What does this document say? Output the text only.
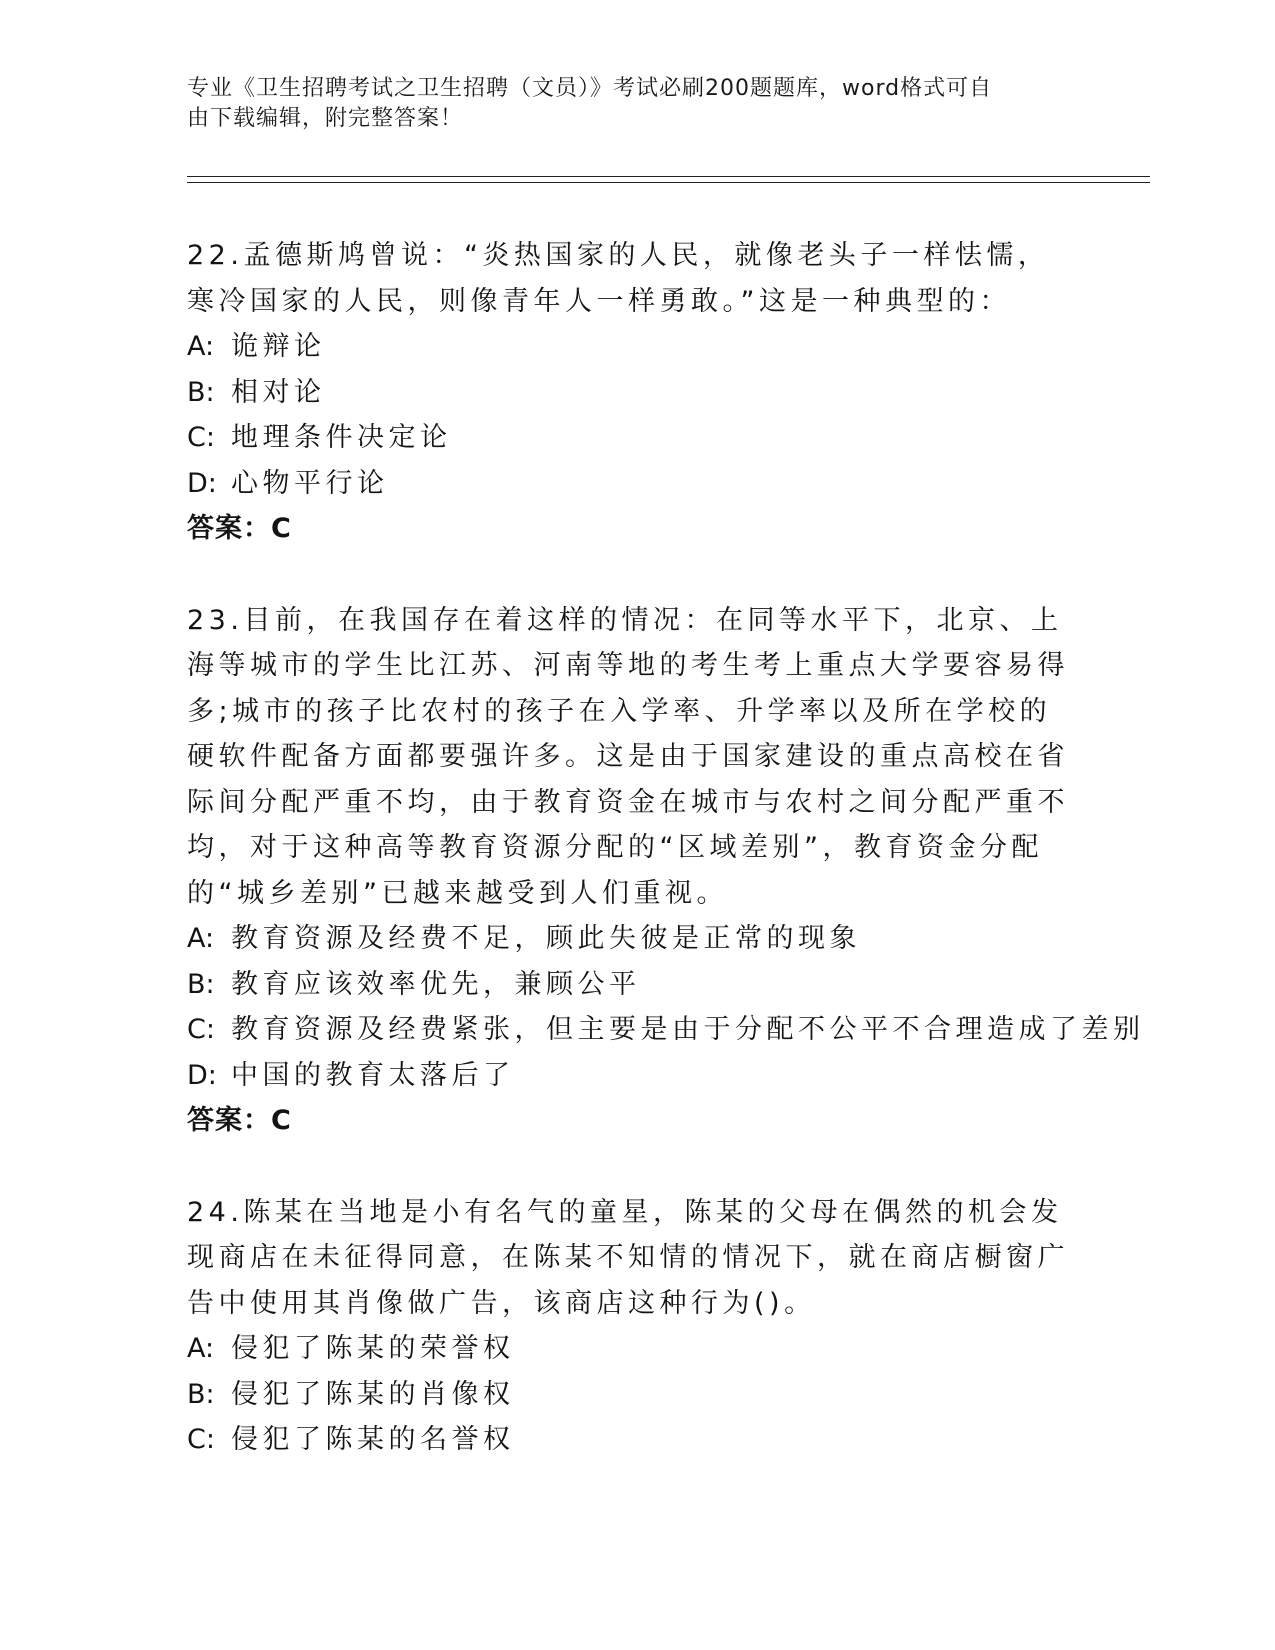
专业《卫生招聘考试之卫生招聘（文员）》考试必刷200题题库，word格式可自
由下载编辑，附完整答案！

22.孟德斯鸠曾说：“炎热国家的人民，就像老头子一样怯懦，寒冷国家的人民，则像青年人一样勇敢。”这是一种典型的：

A: 诡辩论

B: 相对论

C: 地理条件决定论

D: 心物平行论

答案：C

23.目前，在我国存在着这样的情况：在同等水平下，北京、上海等城市的学生比江苏、河南等地的考生考上重点大学要容易得多;城市的孩子比农村的孩子在入学率、升学率以及所在学校的硬软件配备方面都要强许多。这是由于国家建设的重点高校在省际间分配严重不均，由于教育资金在城市与农村之间分配严重不均，对于这种高等教育资源分配的“区域差别”，教育资金分配的“城乡差别”已越来越受到人们重视。

A: 教育资源及经费不足，顾此失彼是正常的现象

B: 教育应该效率优先，兼顾公平

C: 教育资源及经费紧张，但主要是由于分配不公平不合理造成了差别

D: 中国的教育太落后了

答案：C

24.陈某在当地是小有名气的童星，陈某的父母在偶然的机会发现商店在未征得同意，在陈某不知情的情况下，就在商店橱窗广告中使用其肖像做广告，该商店这种行为()。

A: 侵犯了陈某的荣誉权

B: 侵犯了陈某的肖像权

C: 侵犯了陈某的名誉权
